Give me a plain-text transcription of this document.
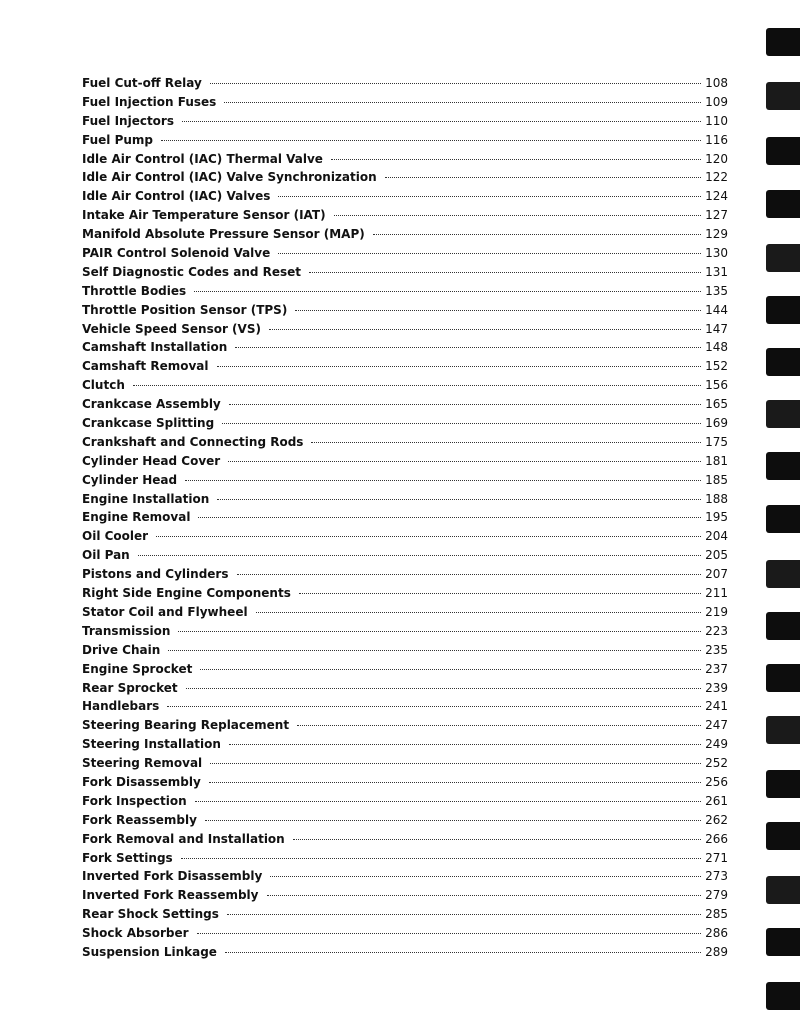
Fuel Cut-off Relay	108
Fuel Injection Fuses	109
Fuel Injectors	110
Fuel Pump	116
Idle Air Control (IAC) Thermal Valve	120
Idle Air Control (IAC) Valve Synchronization	122
Idle Air Control (IAC) Valves	124
Intake Air Temperature Sensor (IAT)	127
Manifold Absolute Pressure Sensor (MAP)	129
PAIR Control Solenoid Valve	130
Self Diagnostic Codes and Reset	131
Throttle Bodies	135
Throttle Position Sensor (TPS)	144
Vehicle Speed Sensor (VS)	147
Camshaft Installation	148
Camshaft Removal	152
Clutch	156
Crankcase Assembly	165
Crankcase Splitting	169
Crankshaft and Connecting Rods	175
Cylinder Head Cover	181
Cylinder Head	185
Engine Installation	188
Engine Removal	195
Oil Cooler	204
Oil Pan	205
Pistons and Cylinders	207
Right Side Engine Components	211
Stator Coil and Flywheel	219
Transmission	223
Drive Chain	235
Engine Sprocket	237
Rear Sprocket	239
Handlebars	241
Steering Bearing Replacement	247
Steering Installation	249
Steering Removal	252
Fork Disassembly	256
Fork Inspection	261
Fork Reassembly	262
Fork Removal and Installation	266
Fork Settings	271
Inverted Fork Disassembly	273
Inverted Fork Reassembly	279
Rear Shock Settings	285
Shock Absorber	286
Suspension Linkage	289
